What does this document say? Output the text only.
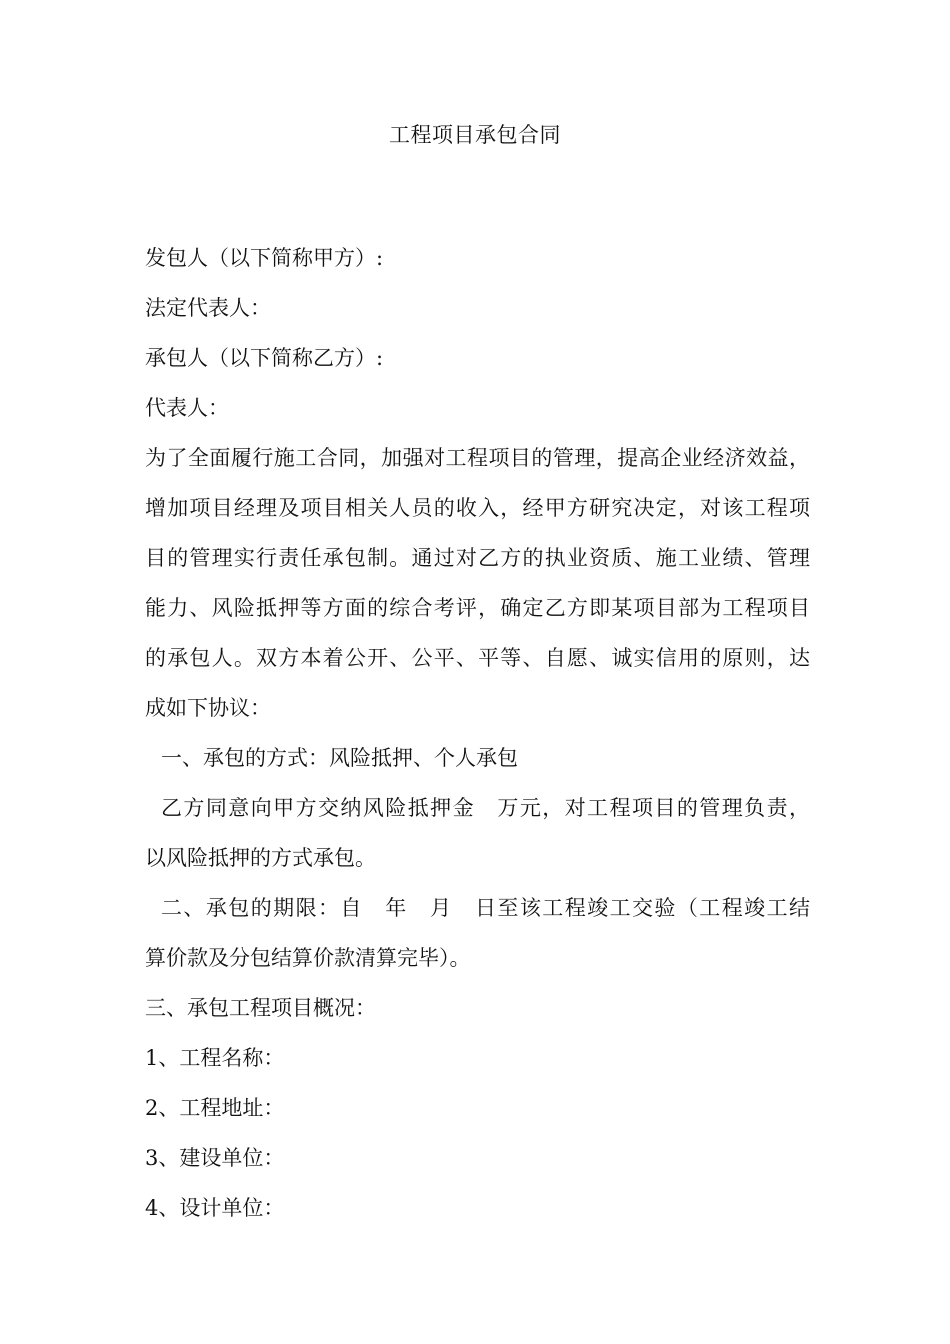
工程项目承包合同
发包人（以下简称甲方）:
法定代表人：
承包人（以下简称乙方）:
代表人：
为了全面履行施工合同，加强对工程项目的管理，提高企业经济效益，
增加项目经理及项目相关人员的收入，经甲方研究决定，对该工程项
目的管理实行责任承包制。通过对乙方的执业资质、施工业绩、管理
能力、风险抵押等方面的综合考评，确定乙方即某项目部为工程项目
的承包人。双方本着公开、公平、平等、自愿、诚实信用的原则，达
成如下协议：
一、承包的方式：风险抵押、个人承包
乙方同意向甲方交纳风险抵押金　万元，对工程项目的管理负责，
以风险抵押的方式承包。
二、承包的期限：自　年　月　日至该工程竣工交验（工程竣工结
算价款及分包结算价款清算完毕）。
三、承包工程项目概况：
1、工程名称：
2、工程地址：
3、建设单位：
4、设计单位：
